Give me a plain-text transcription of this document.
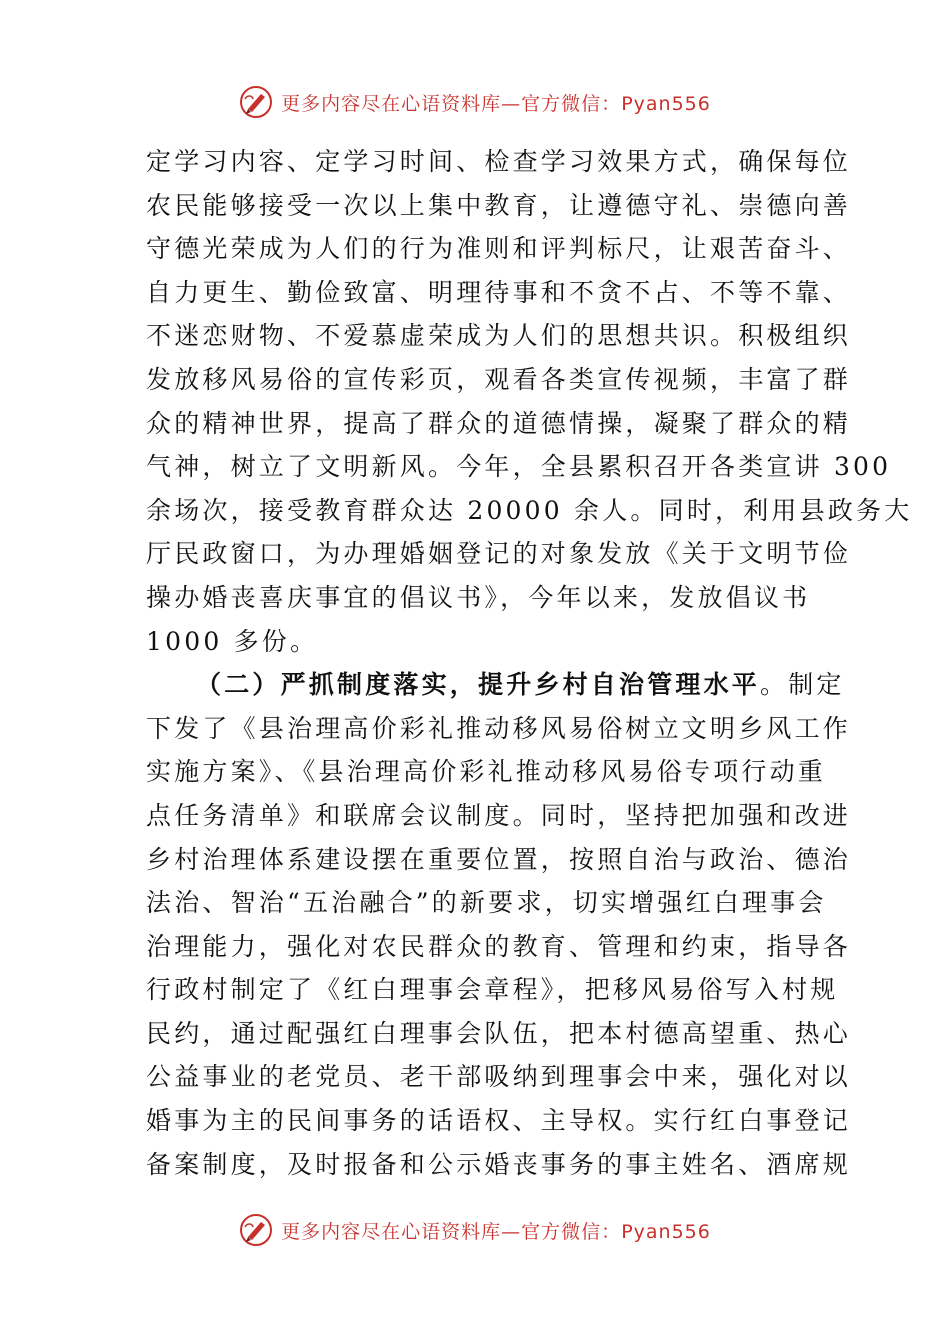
更多内容尽在心语资料库—官方微信：Pyan556
定学习内容、定学习时间、检查学习效果方式，确保每位
农民能够接受一次以上集中教育，让遵德守礼、崇德向善
守德光荣成为人们的行为准则和评判标尺，让艰苦奋斗、
自力更生、勤俭致富、明理待事和不贪不占、不等不靠、
不迷恋财物、不爱慕虚荣成为人们的思想共识。积极组织
发放移风易俗的宣传彩页，观看各类宣传视频，丰富了群
众的精神世界，提高了群众的道德情操，凝聚了群众的精
气神，树立了文明新风。今年，全县累积召开各类宣讲 300
余场次，接受教育群众达 20000 余人。同时，利用县政务大
厅民政窗口，为办理婚姻登记的对象发放《关于文明节俭
操办婚丧喜庆事宜的倡议书》，今年以来，发放倡议书
1000 多份。
（二）严抓制度落实，提升乡村自治管理水平 。制定
下发了《县治理高价彩礼推动移风易俗树立文明乡风工作
实施方案》、《县治理高价彩礼推动移风易俗专项行动重
点任务清单》和联席会议制度。同时，坚持把加强和改进
乡村治理体系建设摆在重要位置，按照自治与政治、德治
法治、智治“五治融合”的新要求，切实增强红白理事会
治理能力，强化对农民群众的教育、管理和约束，指导各
行政村制定了《红白理事会章程》，把移风易俗写入村规
民约，通过配强红白理事会队伍，把本村德高望重、热心
公益事业的老党员、老干部吸纳到理事会中来，强化对以
婚事为主的民间事务的话语权、主导权。实行红白事登记
备案制度，及时报备和公示婚丧事务的事主姓名、酒席规
更多内容尽在心语资料库—官方微信：Pyan556
